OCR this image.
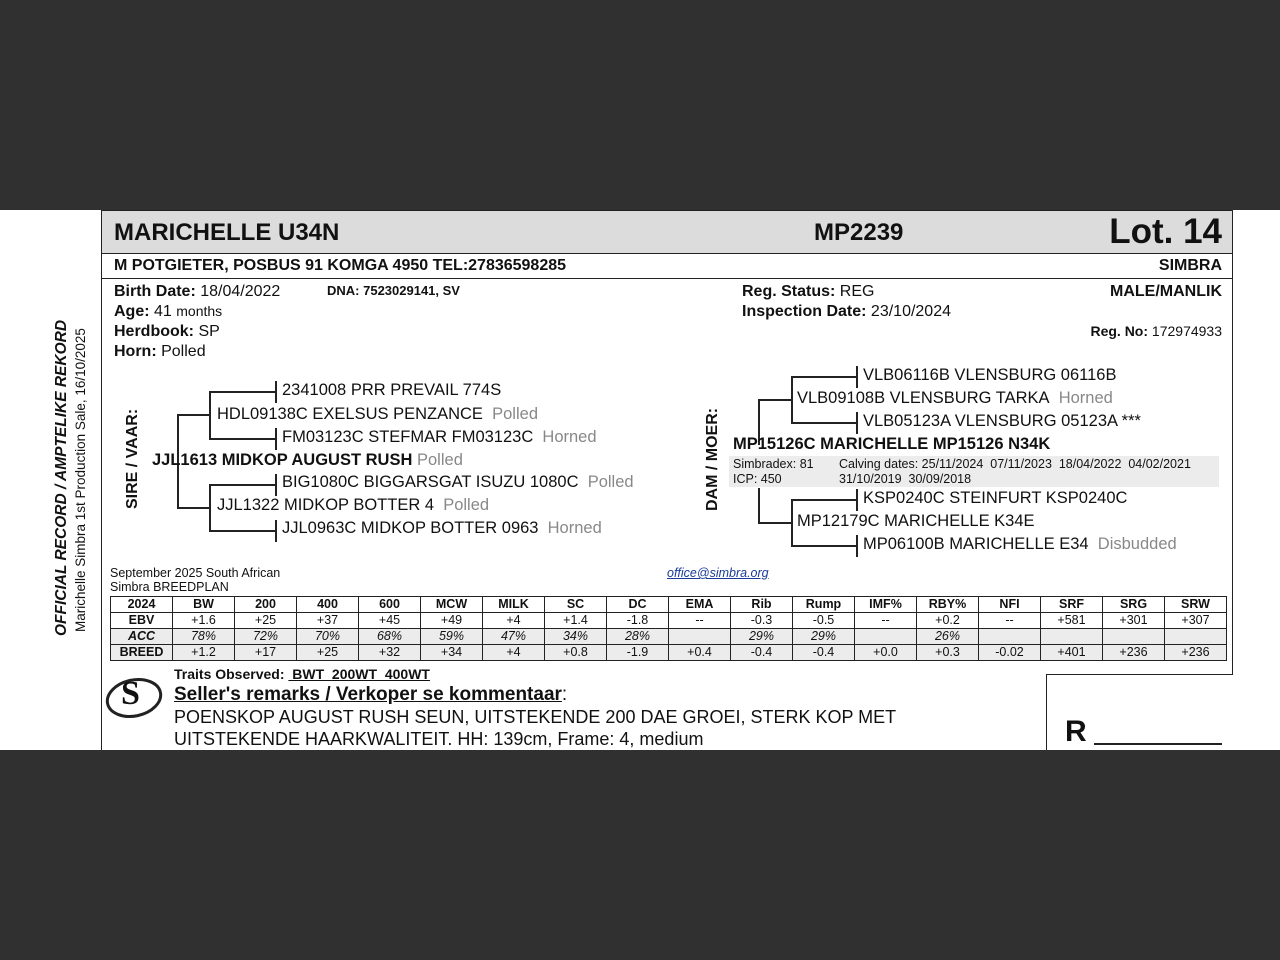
OFFICIAL RECORD / AMPTELIKE REKORD Marichelle Simbra 1st Production Sale, 16/10/2025
MARICHELLE U34N	MP2239	Lot. 14
M POTGIETER, POSBUS 91 KOMGA 4950 TEL:27836598285	SIMBRA
Birth Date: 18/04/2022	DNA: 7523029141, SV
Age: 41 months
Herdbook: SP
Horn: Polled
Reg. Status: REG	MALE/MANLIK
Inspection Date: 23/10/2024
Reg. No: 172974933
SIRE / VAAR:
2341008 PRR PREVAIL 774S
HDL09138C EXELSUS PENZANCE Polled
FM03123C STEFMAR FM03123C Horned
JJL1613 MIDKOP AUGUST RUSH Polled
BIG1080C BIGGARSGAT ISUZU 1080C Polled
JJL1322 MIDKOP BOTTER 4 Polled
JJL0963C MIDKOP BOTTER 0963 Horned
DAM / MOER:
VLB06116B VLENSBURG 06116B
VLB09108B VLENSBURG TARKA Horned
VLB05123A VLENSBURG 05123A ***
MP15126C MARICHELLE MP15126 N34K
Simbradex: 81
ICP: 450
Calving dates: 25/11/2024  07/11/2023  18/04/2022  04/02/2021
31/10/2019  30/09/2018
KSP0240C STEINFURT KSP0240C
MP12179C MARICHELLE K34E
MP06100B MARICHELLE E34 Disbudded
September 2025 South African
Simbra BREEDPLAN
office@simbra.org
2024	BW	200	400	600	MCW	MILK	SC	DC	EMA	Rib	Rump	IMF%	RBY%	NFI	SRF	SRG	SRW
EBV	+1.6	+25	+37	+45	+49	+4	+1.4	-1.8	--	-0.3	-0.5	--	+0.2	--	+581	+301	+307
ACC	78%	72%	70%	68%	59%	47%	34%	28%		29%	29%		26%				
BREED	+1.2	+17	+25	+32	+34	+4	+0.8	-1.9	+0.4	-0.4	-0.4	+0.0	+0.3	-0.02	+401	+236	+236
Traits Observed:  BWT  200WT  400WT
S Seller's remarks / Verkoper se kommentaar:
POENSKOP AUGUST RUSH SEUN, UITSTEKENDE 200 DAE GROEI, STERK KOP MET
UITSTEKENDE HAARKWALITEIT. HH: 139cm, Frame: 4, medium	R
